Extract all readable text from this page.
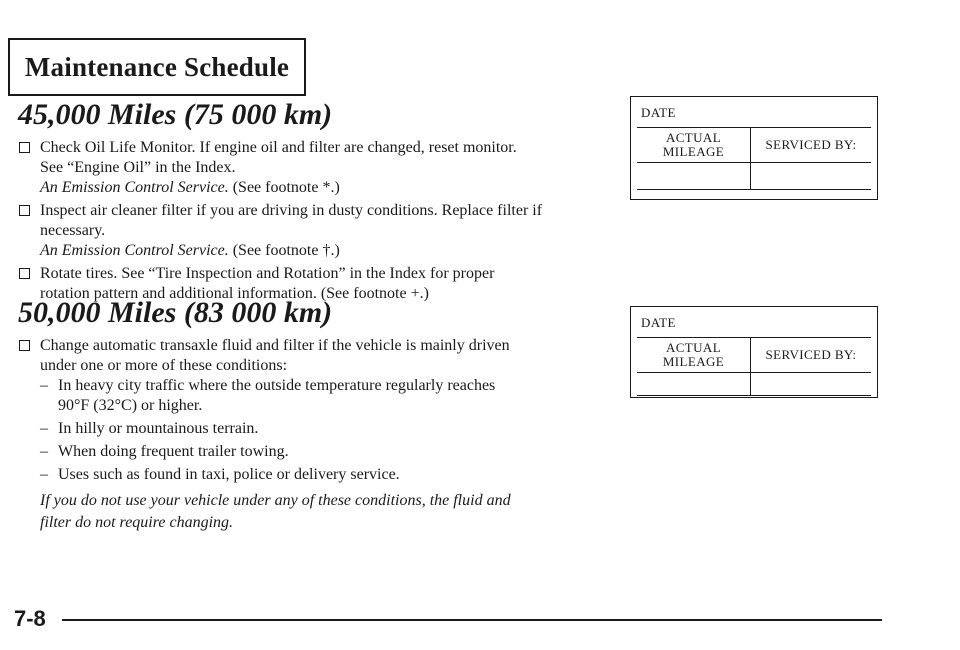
Maintenance Schedule
45,000 Miles (75 000 km)
Check Oil Life Monitor. If engine oil and filter are changed, reset monitor.
See “Engine Oil” in the Index.
An Emission Control Service. (See footnote *.)
Inspect air cleaner filter if you are driving in dusty conditions. Replace filter if
necessary.
An Emission Control Service. (See footnote †.)
Rotate tires. See “Tire Inspection and Rotation” in the Index for proper
rotation pattern and additional information. (See footnote +.)
50,000 Miles (83 000 km)
Change automatic transaxle fluid and filter if the vehicle is mainly driven
under one or more of these conditions:
– In heavy city traffic where the outside temperature regularly reaches
90°F (32°C) or higher.
– In hilly or mountainous terrain.
– When doing frequent trailer towing.
– Uses such as found in taxi, police or delivery service.
If you do not use your vehicle under any of these conditions, the fluid and
filter do not require changing.
DATE
ACTUAL
MILEAGE	SERVICED BY:
DATE
ACTUAL
MILEAGE	SERVICED BY:
7-8
